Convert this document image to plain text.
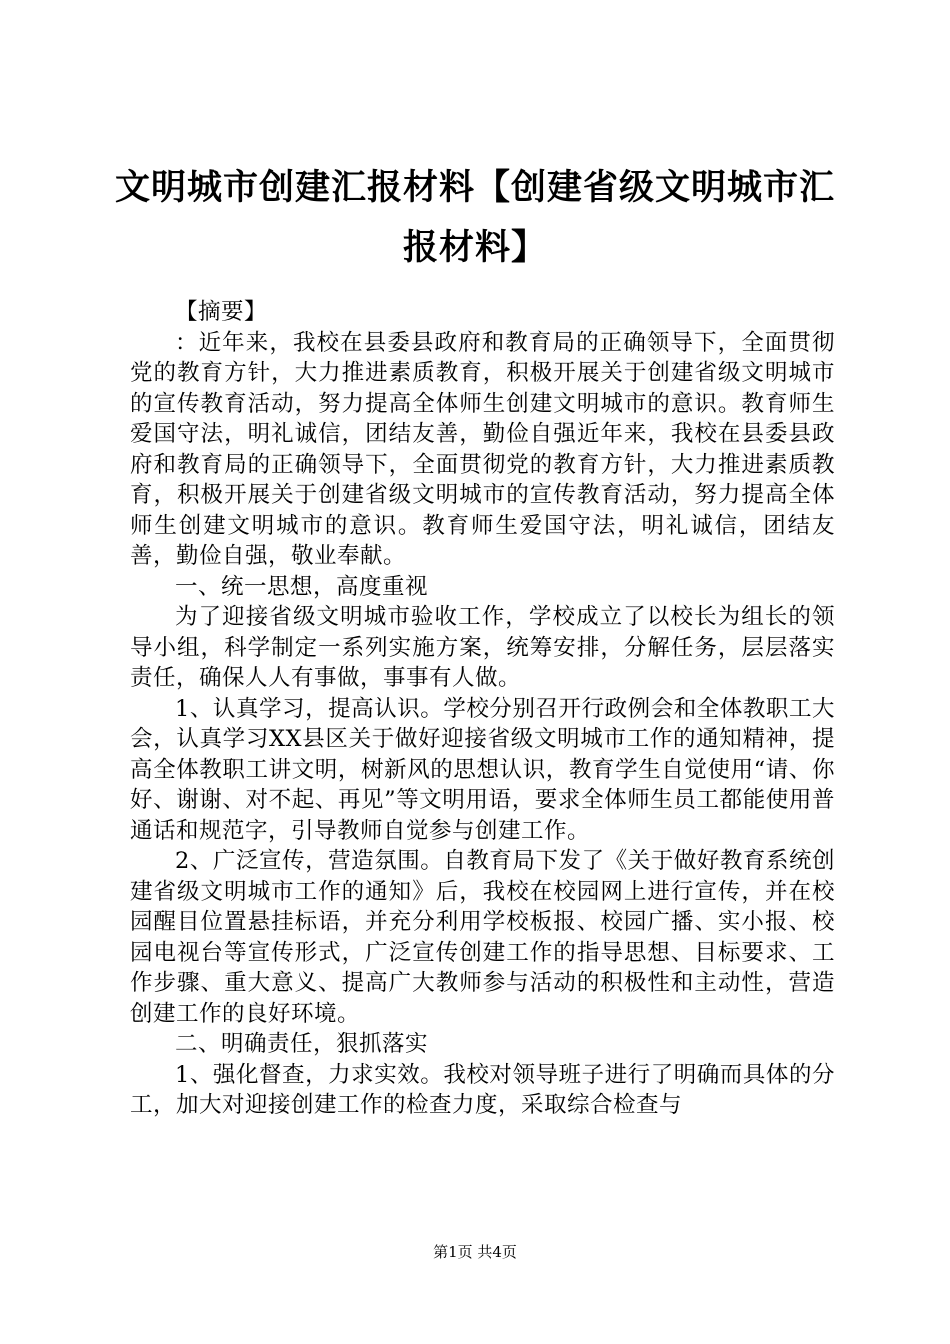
文明城市创建汇报材料【创建省级文明城市汇报材料】

【摘要】

：近年来，我校在县委县政府和教育局的正确领导下，全面贯彻党的教育方针，大力推进素质教育，积极开展关于创建省级文明城市的宣传教育活动，努力提高全体师生创建文明城市的意识。教育师生爱国守法，明礼诚信，团结友善，勤俭自强近年来，我校在县委县政府和教育局的正确领导下，全面贯彻党的教育方针，大力推进素质教育，积极开展关于创建省级文明城市的宣传教育活动，努力提高全体师生创建文明城市的意识。教育师生爱国守法，明礼诚信，团结友善，勤俭自强，敬业奉献。

一、统一思想，高度重视

为了迎接省级文明城市验收工作，学校成立了以校长为组长的领导小组，科学制定一系列实施方案，统筹安排，分解任务，层层落实责任，确保人人有事做，事事有人做。

1、认真学习，提高认识。学校分别召开行政例会和全体教职工大会，认真学习XX县区关于做好迎接省级文明城市工作的通知精神，提高全体教职工讲文明，树新风的思想认识，教育学生自觉使用“请、你好、谢谢、对不起、再见”等文明用语，要求全体师生员工都能使用普通话和规范字，引导教师自觉参与创建工作。

2、广泛宣传，营造氛围。自教育局下发了《关于做好教育系统创建省级文明城市工作的通知》后，我校在校园网上进行宣传，并在校园醒目位置悬挂标语，并充分利用学校板报、校园广播、实小报、校园电视台等宣传形式，广泛宣传创建工作的指导思想、目标要求、工作步骤、重大意义、提高广大教师参与活动的积极性和主动性，营造创建工作的良好环境。

二、明确责任，狠抓落实

1、强化督查，力求实效。我校对领导班子进行了明确而具体的分工，加大对迎接创建工作的检查力度，采取综合检查与

第1页 共4页
